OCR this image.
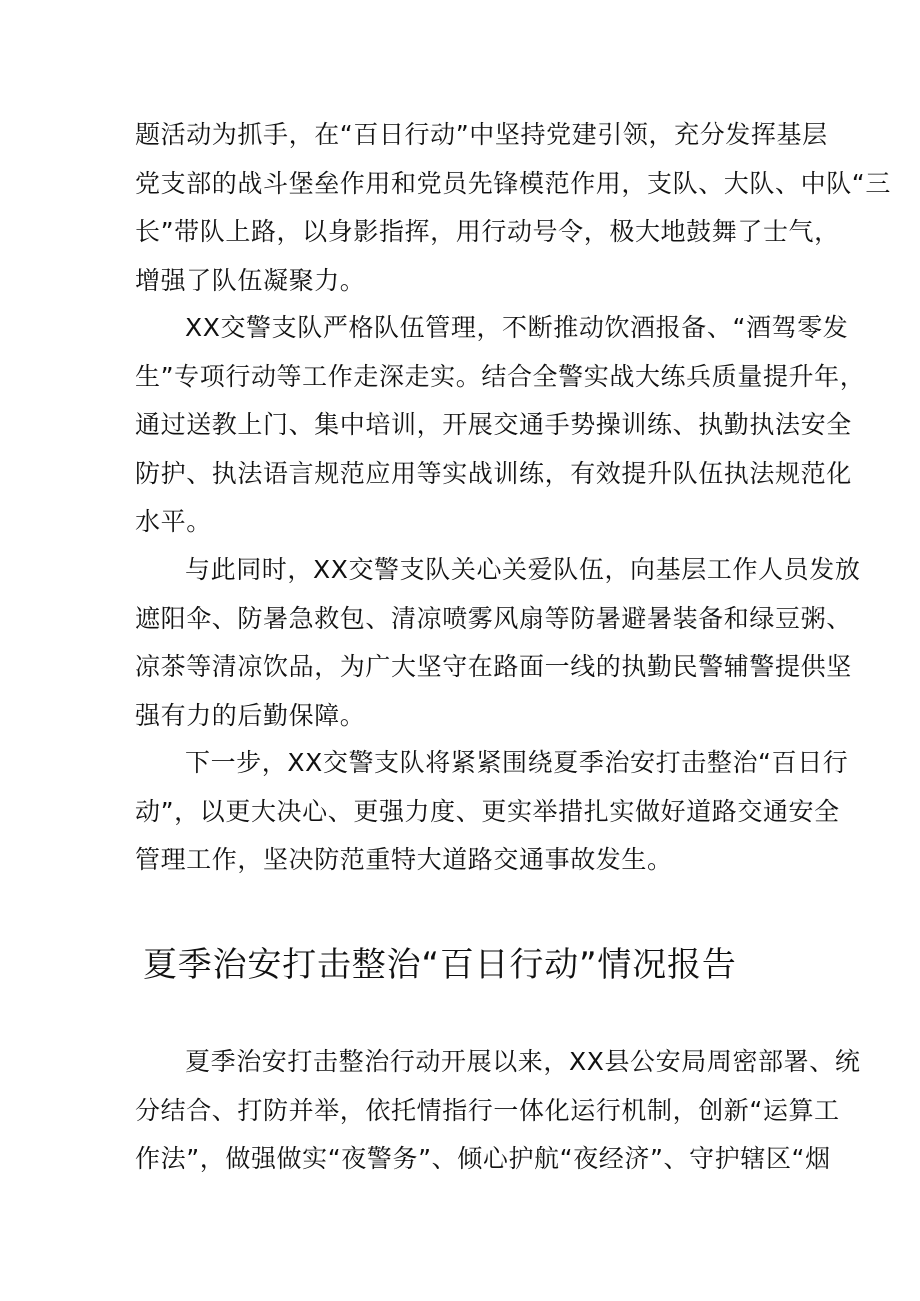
题活动为抓手，在“百日行动”中坚持党建引领，充分发挥基层
党支部的战斗堡垒作用和党员先锋模范作用，支队、大队、中队“三
长”带队上路，以身影指挥，用行动号令，极大地鼓舞了士气，
增强了队伍凝聚力。
XX交警支队严格队伍管理，不断推动饮酒报备、“酒驾零发
生”专项行动等工作走深走实。结合全警实战大练兵质量提升年，
通过送教上门、集中培训，开展交通手势操训练、执勤执法安全
防护、执法语言规范应用等实战训练，有效提升队伍执法规范化
水平。
与此同时，XX交警支队关心关爱队伍，向基层工作人员发放
遮阳伞、防暑急救包、清凉喷雾风扇等防暑避暑装备和绿豆粥、
凉茶等清凉饮品，为广大坚守在路面一线的执勤民警辅警提供坚
强有力的后勤保障。
下一步，XX交警支队将紧紧围绕夏季治安打击整治“百日行
动”，以更大决心、更强力度、更实举措扎实做好道路交通安全
管理工作，坚决防范重特大道路交通事故发生。
夏季治安打击整治“百日行动”情况报告
夏季治安打击整治行动开展以来，XX县公安局周密部署、统
分结合、打防并举，依托情指行一体化运行机制，创新“运算工
作法”，做强做实“夜警务”、倾心护航“夜经济”、守护辖区“烟
